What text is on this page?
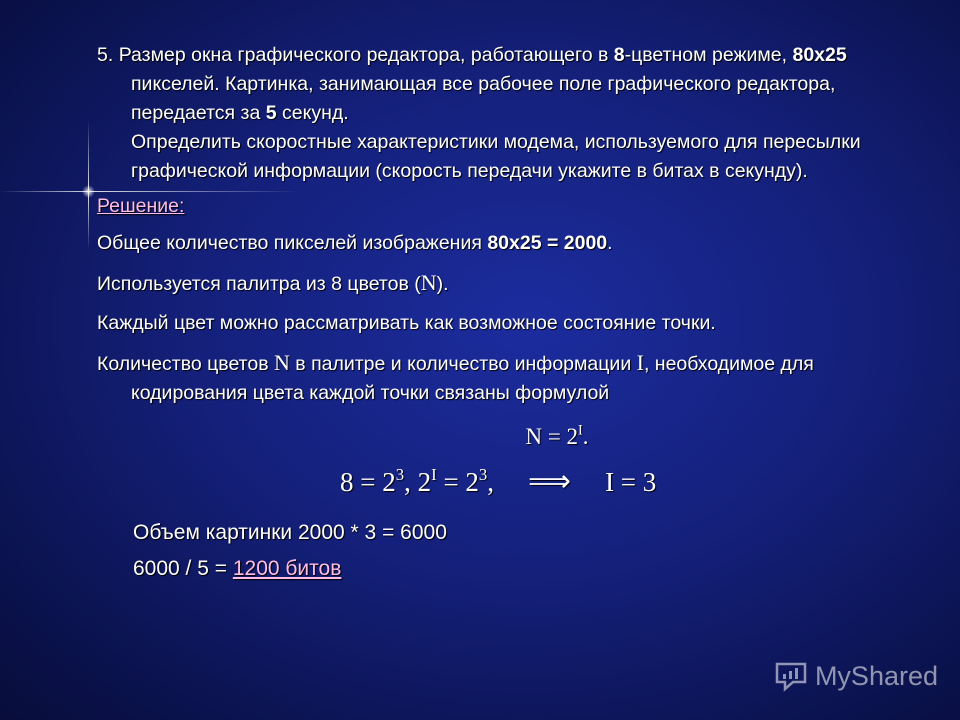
5. Размер окна графического редактора, работающего в 8-цветном режиме, 80х25 пикселей. Картинка, занимающая все рабочее поле графического редактора, передается за 5 секунд.
Определить скоростные характеристики модема, используемого для пересылки графической информации (скорость передачи укажите в битах в секунду).

Решение:

Общее количество пикселей изображения 80х25 = 2000.

Используется палитра из 8 цветов (N).

Каждый цвет можно рассматривать как возможное состояние точки.

Количество цветов N в палитре и количество информации I, необходимое для кодирования цвета каждой точки связаны формулой

$N = 2^I$.

$8 = 2^3$, $2^I = 2^3$, ⟹ I = 3

Объем картинки 2000 * 3 = 6000

6000 / 5 = 1200 битов

MyShared
